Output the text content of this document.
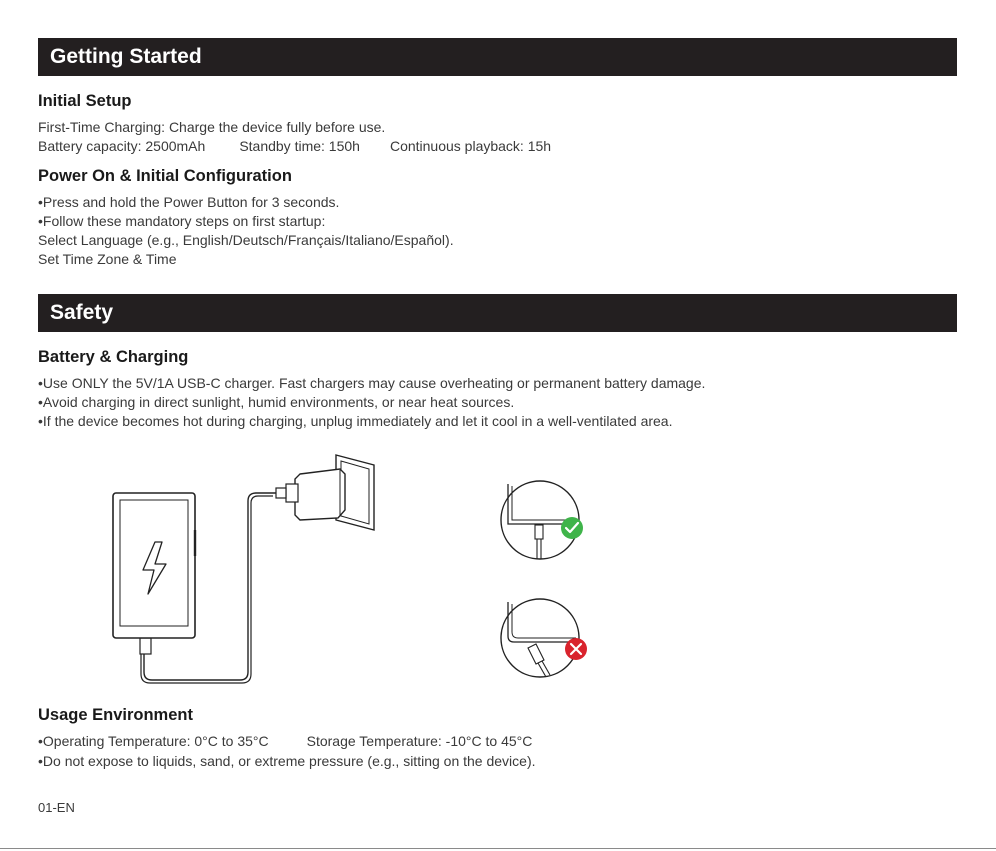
Getting Started
Initial Setup
First-Time Charging: Charge the device fully before use.
Battery capacity: 2500mAh Standby time: 150h Continuous playback: 15h
Power On & Initial Configuration
•Press and hold the Power Button for 3 seconds.
•Follow these mandatory steps on first startup:
Select Language (e.g., English/Deutsch/Français/Italiano/Español).
Set Time Zone & Time
Safety
Battery & Charging
•Use ONLY the 5V/1A USB-C charger. Fast chargers may cause overheating or permanent battery damage.
•Avoid charging in direct sunlight, humid environments, or near heat sources.
•If the device becomes hot during charging, unplug immediately and let it cool in a well-ventilated area.
Usage Environment
•Operating Temperature: 0°C to 35°C	Storage Temperature: -10°C to 45°C
•Do not expose to liquids, sand, or extreme pressure (e.g., sitting on the device).
01-EN
